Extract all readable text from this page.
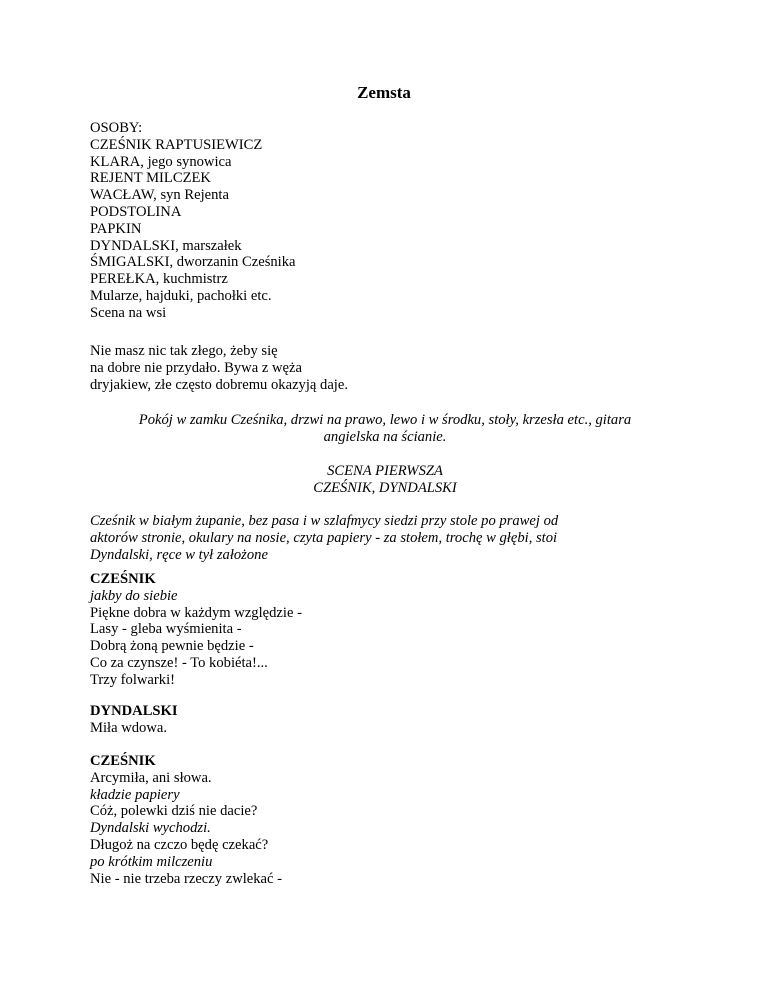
Zemsta
OSOBY:
CZEŚNIK RAPTUSIEWICZ
KLARA, jego synowica
REJENT MILCZEK
WACŁAW, syn Rejenta
PODSTOLINA
PAPKIN
DYNDALSKI, marszałek
ŚMIGALSKI, dworzanin Cześnika
PEREŁKA, kuchmistrz
Mularze, hajduki, pachołki etc.
Scena na wsi
Nie masz nic tak złego, żeby się
na dobre nie przydało. Bywa z węża
dryjakiew, złe często dobremu okazyją daje.
Pokój w zamku Cześnika, drzwi na prawo, lewo i w środku, stoły, krzesła etc., gitara
angielska na ścianie.
SCENA PIERWSZA
CZEŚNIK, DYNDALSKI
Cześnik w białym żupanie, bez pasa i w szlafmycy siedzi przy stole po prawej od
aktorów stronie, okulary na nosie, czyta papiery - za stołem, trochę w głębi, stoi
Dyndalski, ręce w tył założone
CZEŚNIK
jakby do siebie
Piękne dobra w każdym względzie -
Lasy - gleba wyśmienita -
Dobrą żoną pewnie będzie -
Co za czynsze! - To kobiéta!...
Trzy folwarki!
DYNDALSKI
Miła wdowa.
CZEŚNIK
Arcymiła, ani słowa.
kładzie papiery
Cóż, polewki dziś nie dacie?
Dyndalski wychodzi.
Długoż na czczo będę czekać?
po krótkim milczeniu
Nie - nie trzeba rzeczy zwlekać -
